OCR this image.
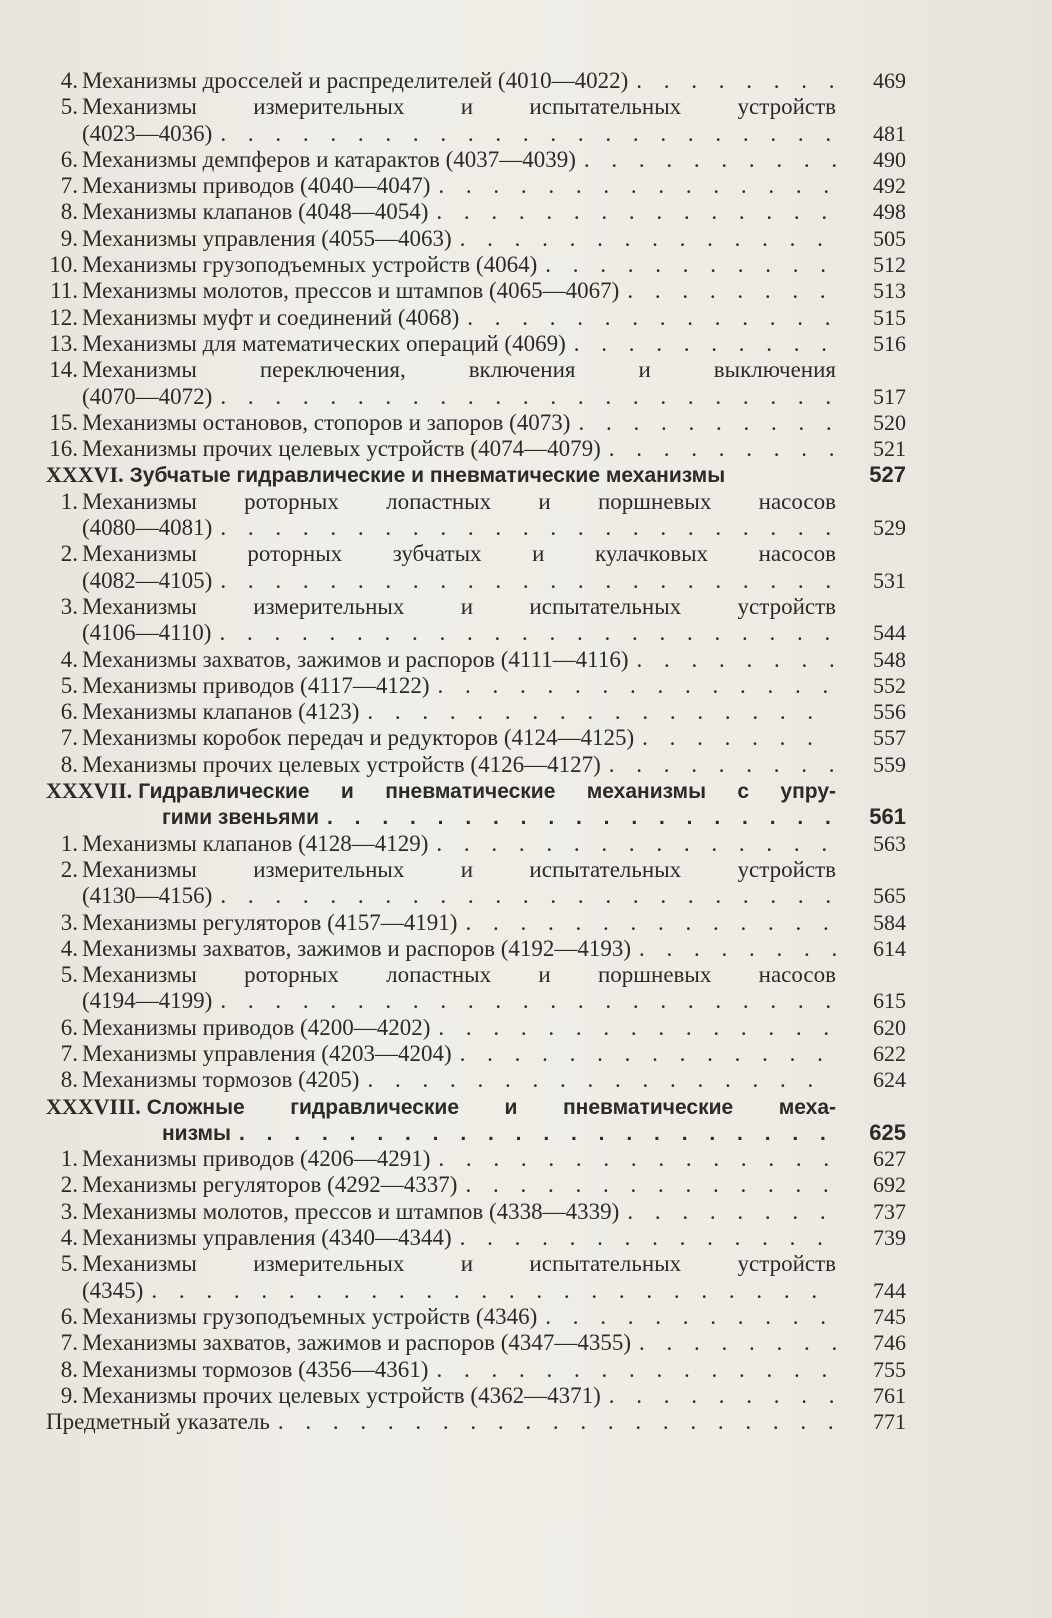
4. Механизмы дросселей и распределителей (4010—4022) . . .	469
5. Механизмы измерительных и испытательных устройств
(4023—4036) . . .	481
6. Механизмы демпферов и катарактов (4037—4039) . . .	490
7. Механизмы приводов (4040—4047) . . .	492
8. Механизмы клапанов (4048—4054) . . .	498
9. Механизмы управления (4055—4063) . . .	505
10. Механизмы грузоподъемных устройств (4064) . . .	512
11. Механизмы молотов, прессов и штампов (4065—4067) . . .	513
12. Механизмы муфт и соединений (4068) . . .	515
13. Механизмы для математических операций (4069) . . .	516
14. Механизмы переключения, включения и выключения
(4070—4072) . . .	517
15. Механизмы остановов, стопоров и запоров (4073) . . .	520
16. Механизмы прочих целевых устройств (4074—4079) . . .	521
XXXVI. Зубчатые гидравлические и пневматические механизмы	527
1. Механизмы роторных лопастных и поршневых насосов
(4080—4081) . . .	529
2. Механизмы роторных зубчатых и кулачковых насосов
(4082—4105) . . .	531
3. Механизмы измерительных и испытательных устройств
(4106—4110) . . .	544
4. Механизмы захватов, зажимов и распоров (4111—4116) . . .	548
5. Механизмы приводов (4117—4122) . . .	552
6. Механизмы клапанов (4123) . . .	556
7. Механизмы коробок передач и редукторов (4124—4125) . . .	557
8. Механизмы прочих целевых устройств (4126—4127) . . .	559
XXXVII. Гидравлические и пневматические механизмы с упру-
гими звеньями . . .	561
1. Механизмы клапанов (4128—4129) . . .	563
2. Механизмы измерительных и испытательных устройств
(4130—4156) . . .	565
3. Механизмы регуляторов (4157—4191) . . .	584
4. Механизмы захватов, зажимов и распоров (4192—4193) . . .	614
5. Механизмы роторных лопастных и поршневых насосов
(4194—4199) . . .	615
6. Механизмы приводов (4200—4202) . . .	620
7. Механизмы управления (4203—4204) . . .	622
8. Механизмы тормозов (4205) . . .	624
XXXVIII. Сложные гидравлические и пневматические меха-
низмы . . .	625
1. Механизмы приводов (4206—4291) . . .	627
2. Механизмы регуляторов (4292—4337) . . .	692
3. Механизмы молотов, прессов и штампов (4338—4339) . . .	737
4. Механизмы управления (4340—4344) . . .	739
5. Механизмы измерительных и испытательных устройств
(4345) . . .	744
6. Механизмы грузоподъемных устройств (4346) . . .	745
7. Механизмы захватов, зажимов и распоров (4347—4355) . . .	746
8. Механизмы тормозов (4356—4361) . . .	755
9. Механизмы прочих целевых устройств (4362—4371) . . .	761
Предметный указатель . . .	771
